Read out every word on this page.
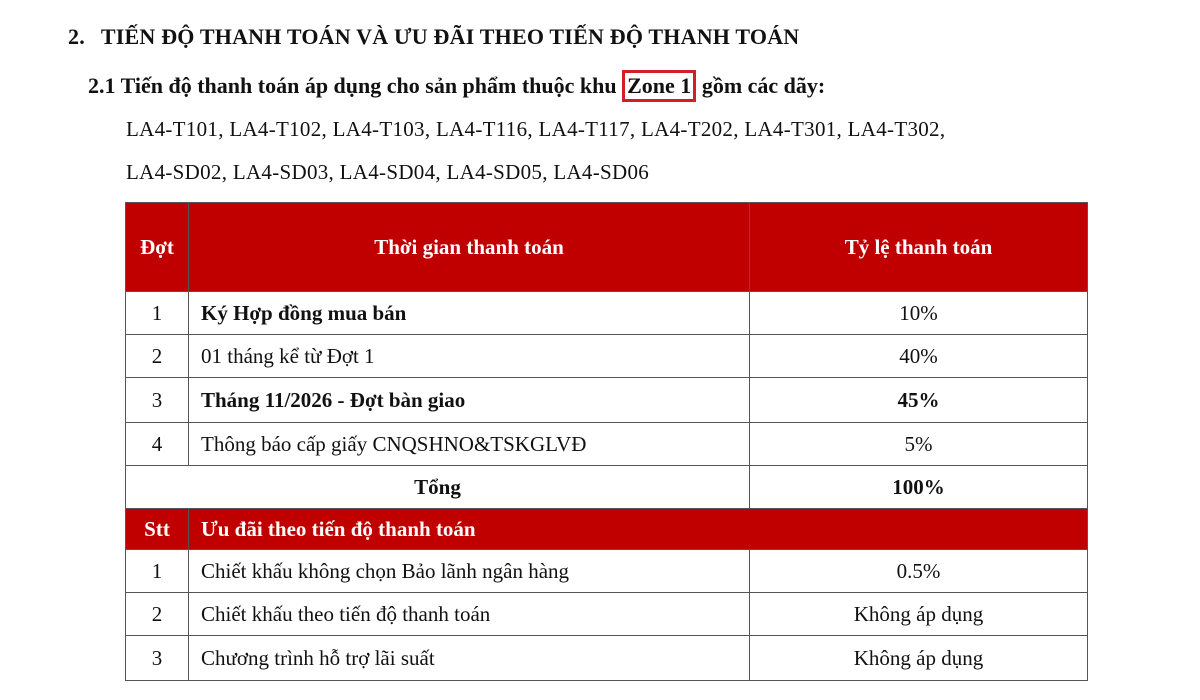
2. TIẾN ĐỘ THANH TOÁN VÀ ƯU ĐÃI THEO TIẾN ĐỘ THANH TOÁN
2.1 Tiến độ thanh toán áp dụng cho sản phẩm thuộc khu Zone 1 gồm các dãy:
LA4-T101, LA4-T102, LA4-T103, LA4-T116, LA4-T117, LA4-T202, LA4-T301, LA4-T302,
LA4-SD02, LA4-SD03, LA4-SD04, LA4-SD05, LA4-SD06
Đợt	Thời gian thanh toán	Tỷ lệ thanh toán
1	Ký Hợp đồng mua bán	10%
2	01 tháng kể từ Đợt 1	40%
3	Tháng 11/2026 - Đợt bàn giao	45%
4	Thông báo cấp giấy CNQSHNO&TSKGLVĐ	5%
Tổng		100%
Stt	Ưu đãi theo tiến độ thanh toán	
1	Chiết khấu không chọn Bảo lãnh ngân hàng	0.5%
2	Chiết khấu theo tiến độ thanh toán	Không áp dụng
3	Chương trình hỗ trợ lãi suất	Không áp dụng
